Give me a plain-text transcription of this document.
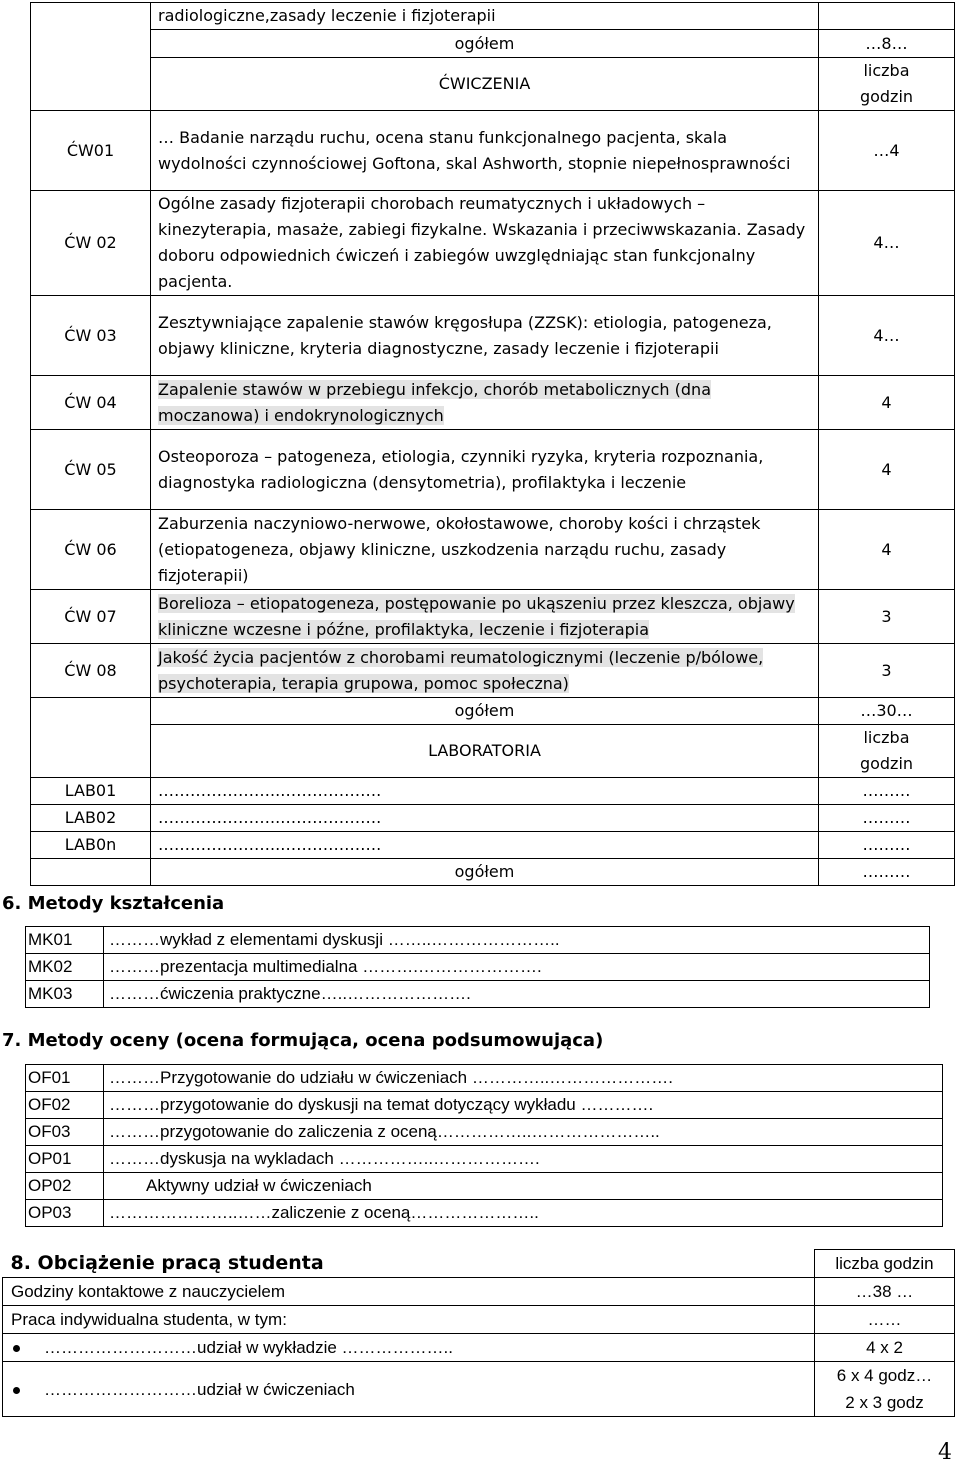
	radiologiczne,zasady leczenie i fizjoterapii	
	ogółem	…8…
	ĆWICZENIA	liczba godzin
ĆW01	… Badanie narządu ruchu, ocena stanu funkcjonalnego pacjenta, skala wydolności czynnościowej Goftona, skal Ashworth, stopnie niepełnosprawności	…4
ĆW 02	Ogólne zasady fizjoterapii chorobach reumatycznych i układowych – kinezyterapia, masaże, zabiegi fizykalne. Wskazania i przeciwwskazania. Zasady doboru odpowiednich ćwiczeń i zabiegów uwzględniając stan funkcjonalny pacjenta.	4…
ĆW 03	Zesztywniające zapalenie stawów kręgosłupa (ZZSK): etiologia, patogeneza, objawy kliniczne, kryteria diagnostyczne, zasady leczenie i fizjoterapii	4…
ĆW 04	Zapalenie stawów w przebiegu infekcjo, chorób metabolicznych (dna moczanowa) i endokrynologicznych	4
ĆW 05	Osteoporoza – patogeneza, etiologia, czynniki ryzyka, kryteria rozpoznania, diagnostyka radiologiczna (densytometria), profilaktyka i leczenie	4
ĆW 06	Zaburzenia naczyniowo-nerwowe, okołostawowe, choroby kości i chrząstek (etiopatogeneza, objawy kliniczne, uszkodzenia narządu ruchu, zasady fizjoterapii)	4
ĆW 07	Borelioza – etiopatogeneza, postępowanie po ukąszeniu przez kleszcza, objawy kliniczne wczesne i późne, profilaktyka, leczenie i fizjoterapia	3
ĆW 08	Jakość życia pacjentów z chorobami reumatologicznymi (leczenie p/bólowe, psychoterapia, terapia grupowa, pomoc społeczna)	3
	ogółem	…30…
	LABORATORIA	liczba godzin
LAB01	…………………..……………….	………
LAB02	…………………..……………….	………
LAB0n	…………………..……………….	………
	ogółem	………
6. Metody kształcenia
MK01	………wykład z elementami dyskusji ……..…………………..
MK02	………prezentacja multimedialna ……….………………….
MK03	………ćwiczenia praktyczne…..………………….
7. Metody oceny (ocena formująca, ocena podsumowująca)
OF01	………Przygotowanie do udziału w ćwiczeniach …………..………………….
OF02	………przygotowanie do dyskusji na temat dotyczący wykładu ………….
OF03	………przygotowanie do zaliczenia z oceną……………..…………………..
OP01	………dyskusja na wykladach ……………..……………….
OP02	Aktywny udział w ćwiczeniach
OP03	…………………..……zaliczenie z oceną…………………..
8. Obciążenie pracą studenta	liczba godzin
Godziny kontaktowe z nauczycielem	…38 …
Praca indywidualna studenta, w tym:	……
………………………udział w wykładzie ………………..	4 x 2
………………………udział w ćwiczeniach	6 x 4 godz…
2 x 3 godz
4
